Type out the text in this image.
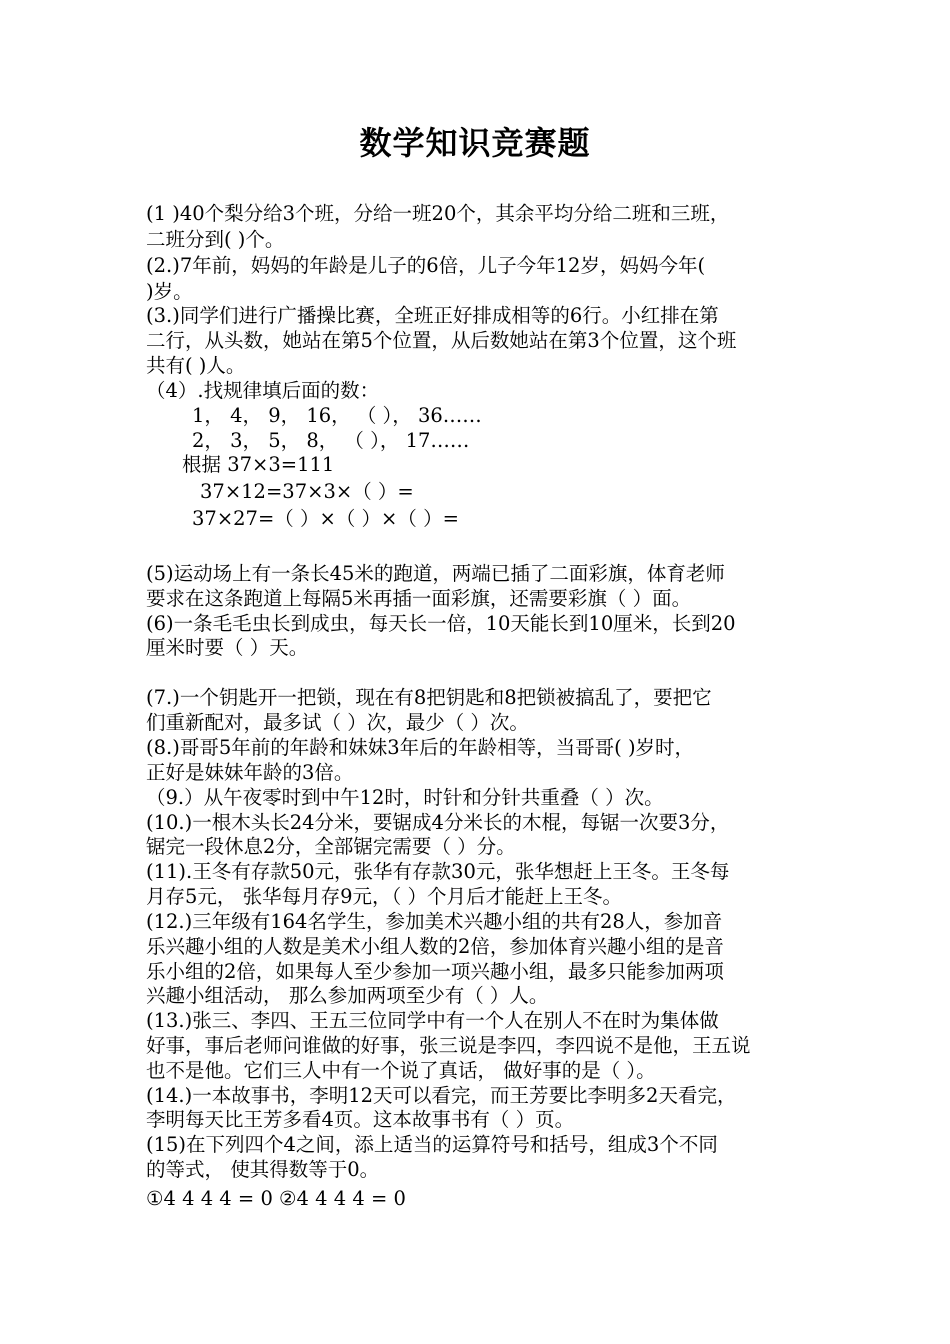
数学知识竞赛题
(1 )40个梨分给3个班，分给一班20个，其余平均分给二班和三班，
二班分到( )个。
(2.)7年前，妈妈的年龄是儿子的6倍，儿子今年12岁，妈妈今年(
)岁。
(3.)同学们进行广播操比赛，全班正好排成相等的6行。小红排在第
二行，从头数，她站在第5个位置，从后数她站在第3个位置，这个班
共有( )人。
（4）.找规律填后面的数：
1， 4， 9， 16， （ ）， 36……
2， 3， 5， 8， （ ）， 17……
根据 37×3=111
37×12=37×3×（ ）=
37×27=（ ）×（ ）×（ ）=
(5)运动场上有一条长45米的跑道，两端已插了二面彩旗，体育老师
要求在这条跑道上每隔5米再插一面彩旗，还需要彩旗（ ）面。
(6)一条毛毛虫长到成虫，每天长一倍，10天能长到10厘米，长到20
厘米时要（ ）天。
(7.)一个钥匙开一把锁，现在有8把钥匙和8把锁被搞乱了，要把它
们重新配对，最多试（ ）次，最少（ ）次。
(8.)哥哥5年前的年龄和妹妹3年后的年龄相等，当哥哥( )岁时，
正好是妹妹年龄的3倍。
（9.）从午夜零时到中午12时，时针和分针共重叠（ ）次。
(10.)一根木头长24分米，要锯成4分米长的木棍，每锯一次要3分，
锯完一段休息2分，全部锯完需要（ ）分。
(11).王冬有存款50元，张华有存款30元，张华想赶上王冬。王冬每
月存5元， 张华每月存9元，（ ）个月后才能赶上王冬。
(12.)三年级有164名学生，参加美术兴趣小组的共有28人，参加音
乐兴趣小组的人数是美术小组人数的2倍，参加体育兴趣小组的是音
乐小组的2倍，如果每人至少参加一项兴趣小组，最多只能参加两项
兴趣小组活动， 那么参加两项至少有（ ）人。
(13.)张三、李四、王五三位同学中有一个人在别人不在时为集体做
好事，事后老师问谁做的好事，张三说是李四，李四说不是他，王五说
也不是他。它们三人中有一个说了真话， 做好事的是（ ）。
(14.)一本故事书，李明12天可以看完，而王芳要比李明多2天看完，
李明每天比王芳多看4页。这本故事书有（ ）页。
(15)在下列四个4之间，添上适当的运算符号和括号，组成3个不同
的等式， 使其得数等于0。
①4 4 4 4 = 0 ②4 4 4 4 = 0
